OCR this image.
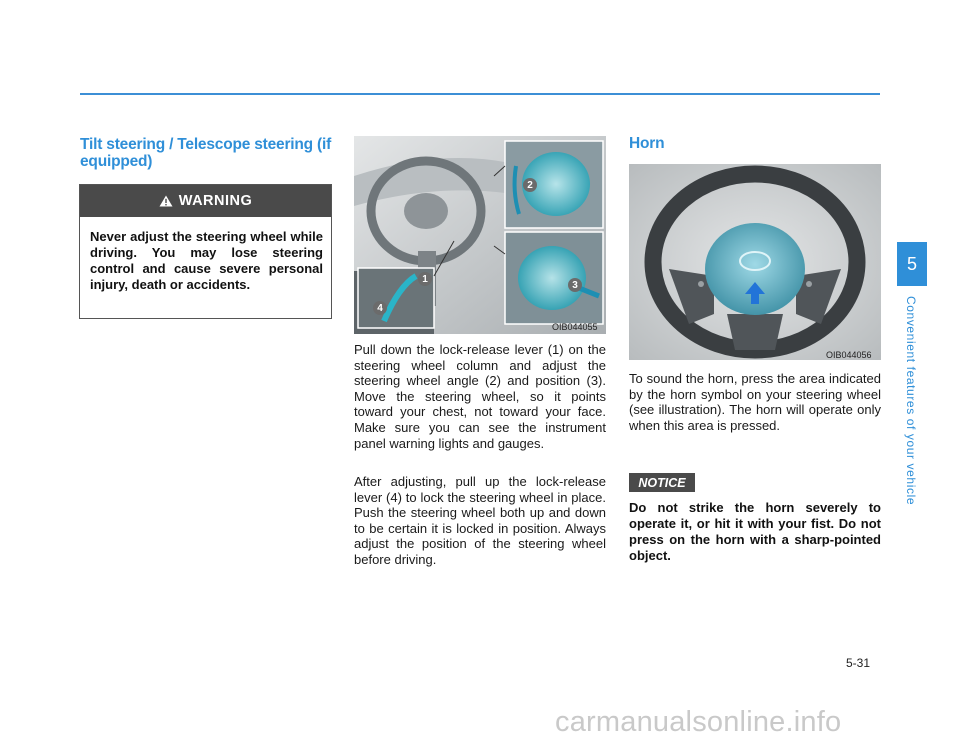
Tilt steering / Telescope steering (if equipped)
WARNING
Never adjust the steering wheel while driving. You may lose steering control and cause severe personal injury, death or accidents.	1
2
3
4
OIB044055
Pull down the lock-release lever (1) on the steering wheel column and adjust the steering wheel angle (2) and position (3). Move the steering wheel, so it points toward your chest, not toward your face. Make sure you can see the instrument panel warning lights and gauges.
After adjusting, pull up the lock-release lever (4) to lock the steering wheel in place. Push the steering wheel both up and down to be certain it is locked in position. Always adjust the position of the steering wheel before driving.
Horn
OIB044056
To sound the horn, press the area indicated by the horn symbol on your steering wheel (see illustration). The horn will operate only when this area is pressed.
NOTICE
Do not strike the horn severely to operate it, or hit it with your fist. Do not press on the horn with a sharp-pointed object.
5
Convenient features of your vehicle
5-31
carmanualsonline.info
